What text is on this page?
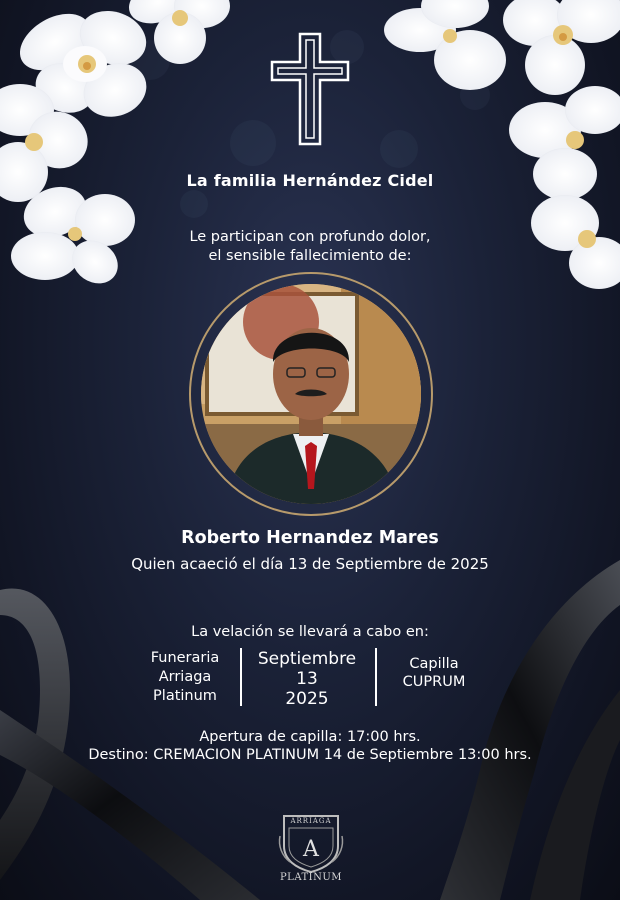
La familia Hernández Cidel
Le participan con profundo dolor,
el sensible fallecimiento de:
Roberto Hernandez Mares
Quien acaeció el día 13 de Septiembre de 2025
La velación se llevará a cabo en:
Funeraria
Arriaga
Platinum
Septiembre
13
2025
Capilla
CUPRUM
Apertura de capilla: 17:00 hrs.
Destino: CREMACION PLATINUM 14 de Septiembre 13:00 hrs.
A
ARRIAGA
PLATINUM
